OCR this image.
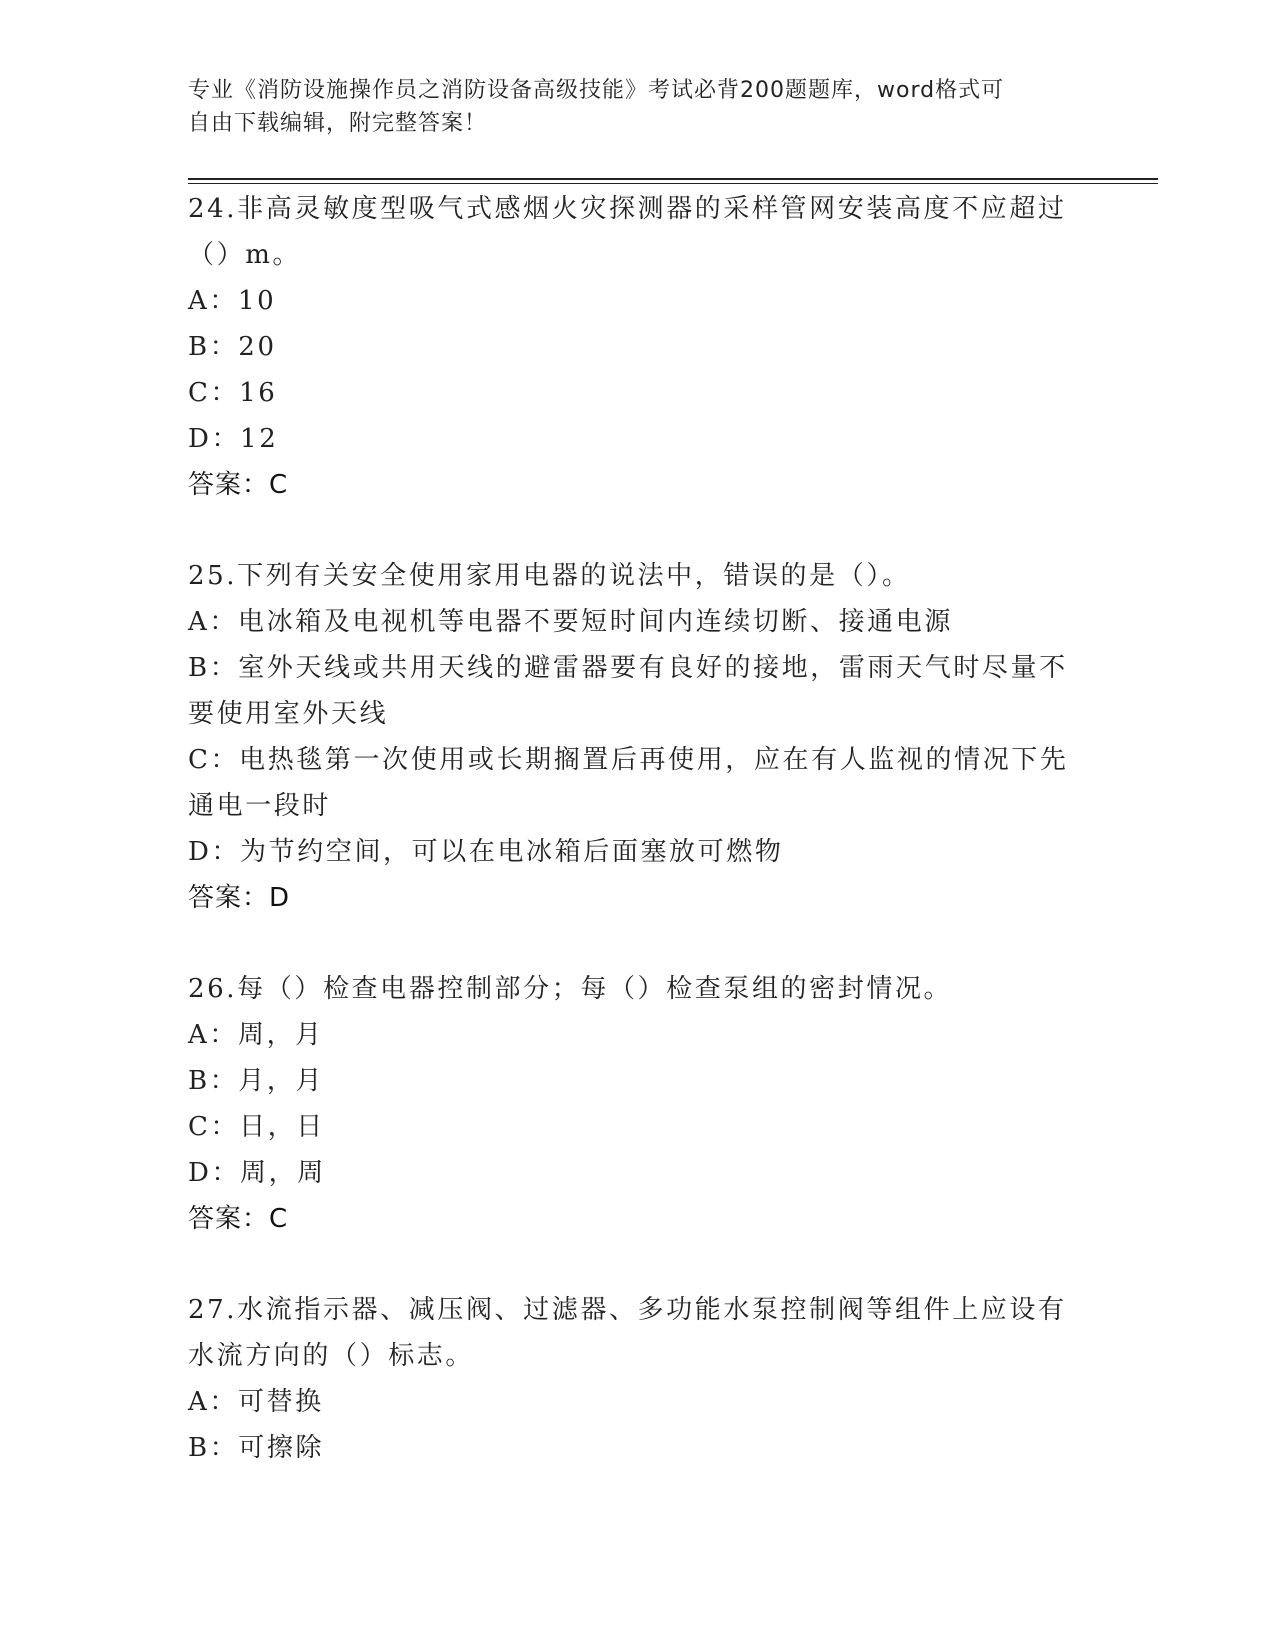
专业《消防设施操作员之消防设备高级技能》考试必背200题题库，word格式可
自由下载编辑，附完整答案！
24.非高灵敏度型吸气式感烟火灾探测器的采样管网安装高度不应超过
（）m。
A：10
B：20
C：16
D：12
答案：C
25.下列有关安全使用家用电器的说法中，错误的是（）。
A：电冰箱及电视机等电器不要短时间内连续切断、接通电源
B：室外天线或共用天线的避雷器要有良好的接地，雷雨天气时尽量不
要使用室外天线
C：电热毯第一次使用或长期搁置后再使用，应在有人监视的情况下先
通电一段时
D：为节约空间，可以在电冰箱后面塞放可燃物
答案：D
26.每（）检查电器控制部分；每（）检查泵组的密封情况。
A：周，月
B：月，月
C：日，日
D：周，周
答案：C
27.水流指示器、减压阀、过滤器、多功能水泵控制阀等组件上应设有
水流方向的（）标志。
A：可替换
B：可擦除
